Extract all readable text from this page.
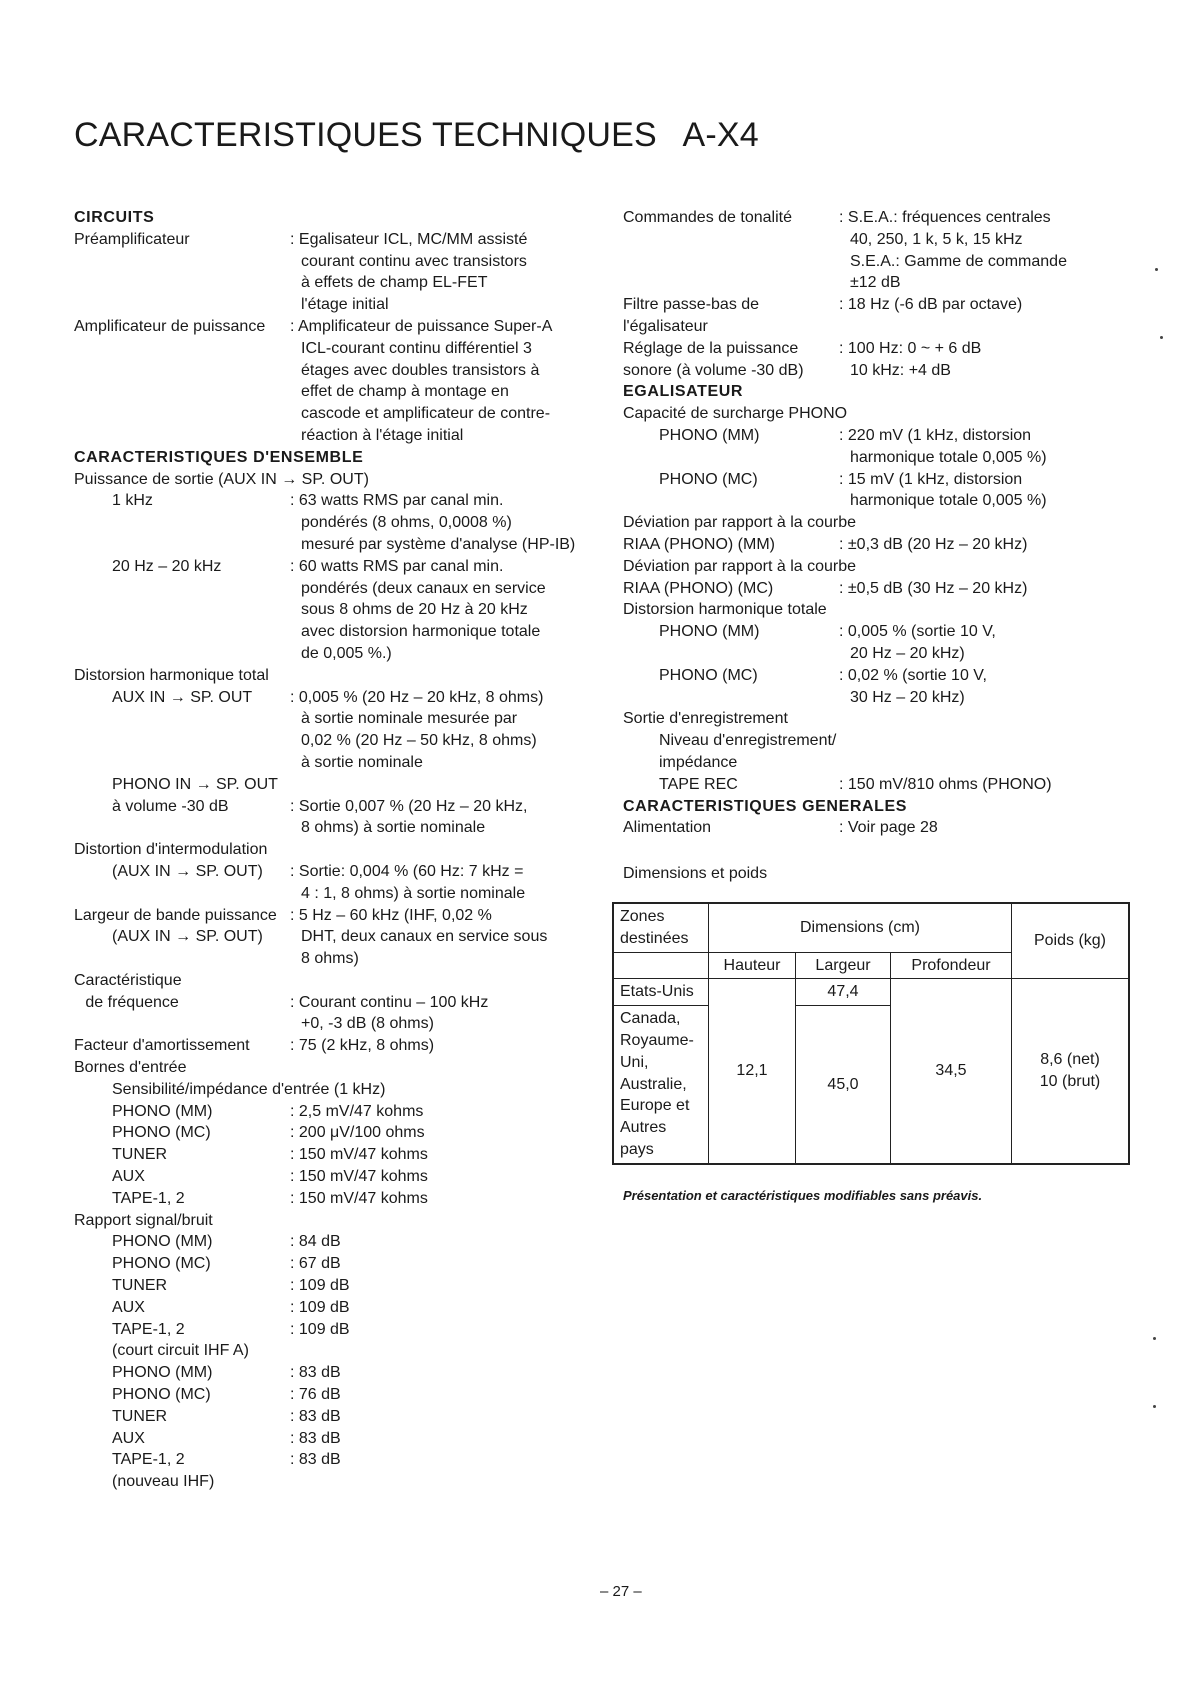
CARACTERISTIQUES TECHNIQUES A-X4
CIRCUITS
Préamplificateur	: Egalisateur ICL, MC/MM assisté
courant continu avec transistors
à effets de champ EL-FET
l'étage initial
Amplificateur de puissance : Amplificateur de puissance Super-A
ICL-courant continu différentiel 3
étages avec doubles transistors à
effet de champ à montage en
cascode et amplificateur de contre-
réaction à l'étage initial
CARACTERISTIQUES D'ENSEMBLE
Puissance de sortie (AUX IN → SP. OUT)
1 kHz	: 63 watts RMS par canal min.
pondérés (8 ohms, 0,0008 %)
mesuré par système d'analyse (HP-IB)
20 Hz – 20 kHz	: 60 watts RMS par canal min.
pondérés (deux canaux en service
sous 8 ohms de 20 Hz à 20 kHz
avec distorsion harmonique totale
de 0,005 %.)
Distorsion harmonique total
AUX IN → SP. OUT : 0,005 % (20 Hz – 20 kHz, 8 ohms)
à sortie nominale mesurée par
0,02 % (20 Hz – 50 kHz, 8 ohms)
à sortie nominale
PHONO IN → SP. OUT
à volume -30 dB	: Sortie 0,007 % (20 Hz – 20 kHz,
8 ohms) à sortie nominale
Distortion d'intermodulation
(AUX IN → SP. OUT) : Sortie: 0,004 % (60 Hz: 7 kHz =
4 : 1, 8 ohms) à sortie nominale
Largeur de bande puissance : 5 Hz – 60 kHz (IHF, 0,02 %
(AUX IN → SP. OUT) DHT, deux canaux en service sous
8 ohms)
Caractéristique
de fréquence	: Courant continu – 100 kHz
+0, -3 dB (8 ohms)
Facteur d'amortissement	: 75 (2 kHz, 8 ohms)
Bornes d'entrée
Sensibilité/impédance d'entrée (1 kHz)
PHONO (MM)	: 2,5 mV/47 kohms
PHONO (MC)	: 200 μV/100 ohms
TUNER	: 150 mV/47 kohms
AUX	: 150 mV/47 kohms
TAPE-1, 2	: 150 mV/47 kohms
Rapport signal/bruit
PHONO (MM)	: 84 dB
PHONO (MC)	: 67 dB
TUNER	: 109 dB
AUX	: 109 dB
TAPE-1, 2	: 109 dB
(court circuit IHF A)
PHONO (MM)	: 83 dB
PHONO (MC)	: 76 dB
TUNER	: 83 dB
AUX	: 83 dB
TAPE-1, 2	: 83 dB
(nouveau IHF)
Commandes de tonalité	: S.E.A.: fréquences centrales
40, 250, 1 k, 5 k, 15 kHz
S.E.A.: Gamme de commande
±12 dB
Filtre passe-bas de	: 18 Hz (-6 dB par octave)
l'égalisateur
Réglage de la puissance	: 100 Hz: 0 ~ + 6 dB
sonore (à volume -30 dB)	10 kHz: +4 dB
EGALISATEUR
Capacité de surcharge PHONO
PHONO (MM)	: 220 mV (1 kHz, distorsion
harmonique totale 0,005 %)
PHONO (MC)	: 15 mV (1 kHz, distorsion
harmonique totale 0,005 %)
Déviation par rapport à la courbe
RIAA (PHONO) (MM)	: ±0,3 dB (20 Hz – 20 kHz)
Déviation par rapport à la courbe
RIAA (PHONO) (MC)	: ±0,5 dB (30 Hz – 20 kHz)
Distorsion harmonique totale
PHONO (MM)	: 0,005 % (sortie 10 V,
20 Hz – 20 kHz)
PHONO (MC)	: 0,02 % (sortie 10 V,
30 Hz – 20 kHz)
Sortie d'enregistrement
Niveau d'enregistrement/
impédance
TAPE REC	: 150 mV/810 ohms (PHONO)
CARACTERISTIQUES GENERALES
Alimentation	: Voir page 28
Dimensions et poids
Zones destinées	Dimensions (cm)			Poids (kg)
	Hauteur	Largeur	Profondeur	
Etats-Unis	12,1	47,4	34,5	8,6 (net)
10 (brut)

Canada, Royaume-Uni, Australie, Europe et Autres pays		45,0		
Présentation et caractéristiques modifiables sans préavis.
– 27 –
